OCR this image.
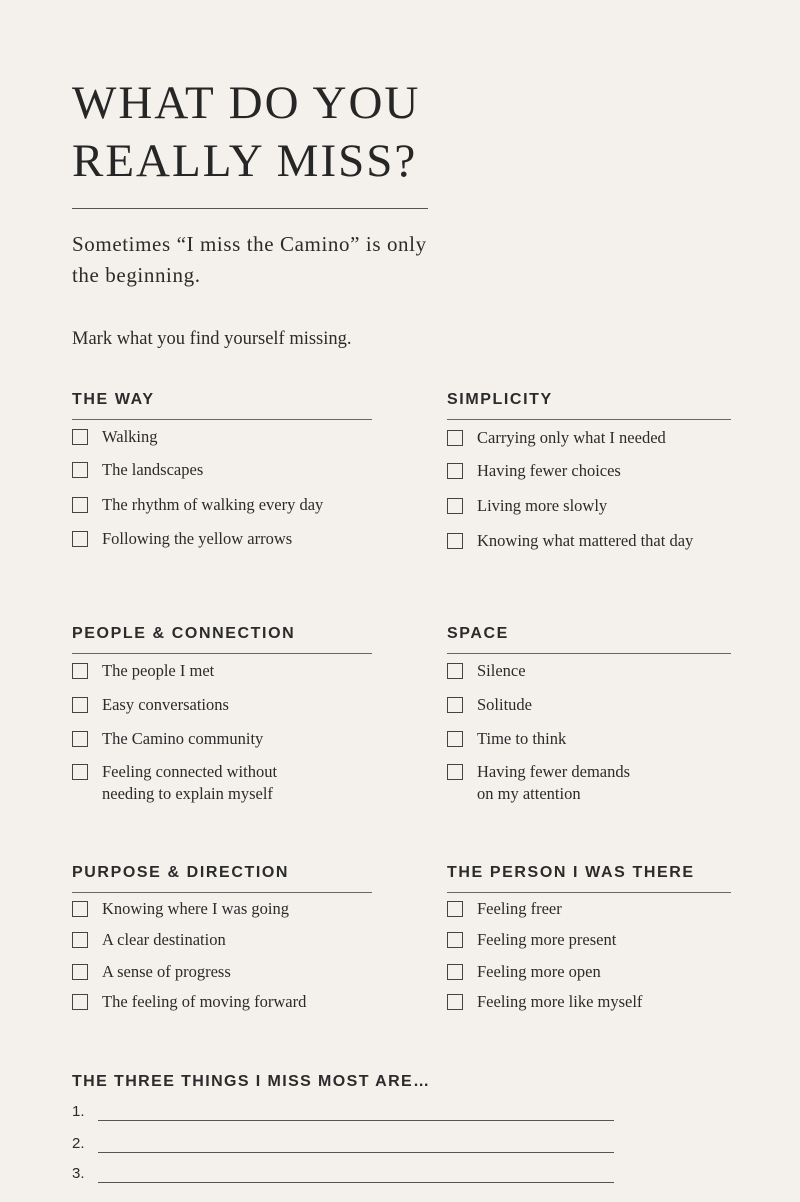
WHAT DO YOU
REALLY MISS?

Sometimes “I miss the Camino” is only the beginning.

Mark what you find yourself missing.

THE WAY
Walking
The landscapes
The rhythm of walking every day
Following the yellow arrows
SIMPLICITY
Carrying only what I needed
Having fewer choices
Living more slowly
Knowing what mattered that day
PEOPLE & CONNECTION
The people I met
Easy conversations
The Camino community
Feeling connected without
needing to explain myself
SPACE
Silence
Solitude
Time to think
Having fewer demands
on my attention
PURPOSE & DIRECTION
Knowing where I was going
A clear destination
A sense of progress
The feeling of moving forward
THE PERSON I WAS THERE
Feeling freer
Feeling more present
Feeling more open
Feeling more like myself
THE THREE THINGS I MISS MOST ARE…
1.
2.
3.
